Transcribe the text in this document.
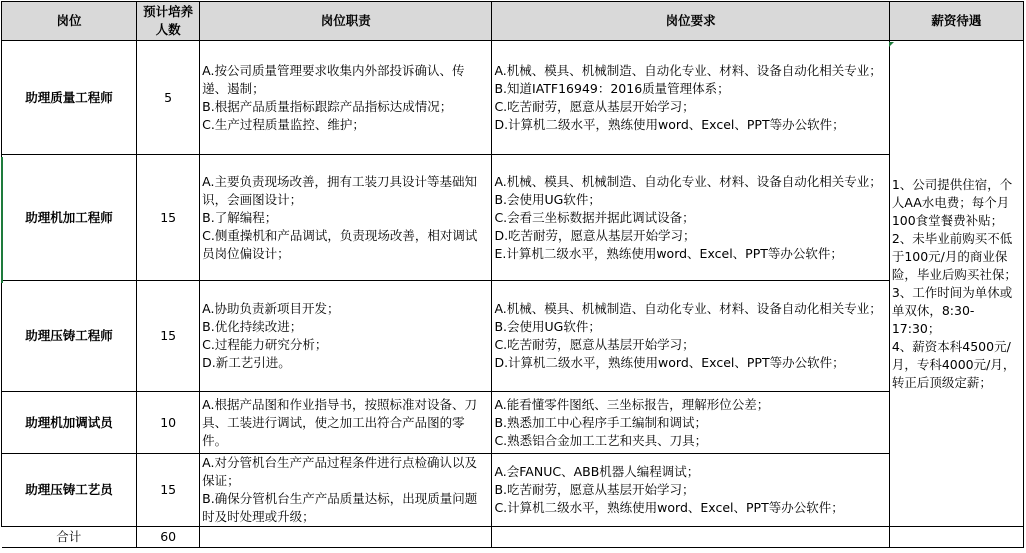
岗位	预计培养人数	岗位职责	岗位要求	薪资待遇
助理质量工程师	5	A.按公司质量管理要求收集内外部投诉确认、传递、遏制；
B.根据产品质量指标跟踪产品指标达成情况；
C.生产过程质量监控、维护；	A.机械、模具、机械制造、自动化专业、材料、设备自动化相关专业；
B.知道IATF16949：2016质量管理体系；
C.吃苦耐劳，愿意从基层开始学习；
D.计算机二级水平，熟练使用word、Excel、PPT等办公软件；	1、公司提供住宿，个人AA水电费；每个月100食堂餐费补贴；
2、未毕业前购买不低于100元/月的商业保险，毕业后购买社保；
3、工作时间为单休或单双休，8:30-17:30；
4、薪资本科4500元/月，专科4000元/月，转正后顶级定薪；

助理机加工程师	15	A.主要负责现场改善，拥有工装刀具设计等基础知识，会画图设计；
B.了解编程；
C.侧重操机和产品调试，负责现场改善，相对调试员岗位偏设计；	A.机械、模具、机械制造、自动化专业、材料、设备自动化相关专业；
B.会使用UG软件；
C.会看三坐标数据并据此调试设备；
D.吃苦耐劳，愿意从基层开始学习；
E.计算机二级水平，熟练使用word、Excel、PPT等办公软件；	

助理压铸工程师	15	A.协助负责新项目开发；
B.优化持续改进；
C.过程能力研究分析；
D.新工艺引进。	A.机械、模具、机械制造、自动化专业、材料、设备自动化相关专业；
B.会使用UG软件；
C.吃苦耐劳，愿意从基层开始学习；
D.计算机二级水平，熟练使用word、Excel、PPT等办公软件；	

助理机加调试员	10	A.根据产品图和作业指导书，按照标准对设备、刀具、工装进行调试，使之加工出符合产品图的零件。	A.能看懂零件图纸、三坐标报告，理解形位公差；
B.熟悉加工中心程序手工编制和调试；
C.熟悉铝合金加工工艺和夹具、刀具；	

助理压铸工艺员	15	A.对分管机台生产产品过程条件进行点检确认以及保证；
B.确保分管机台生产产品质量达标，出现质量问题时及时处理或升级；	A.会FANUC、ABB机器人编程调试；
B.吃苦耐劳，愿意从基层开始学习；
C.计算机二级水平，熟练使用word、Excel、PPT等办公软件；	

合计	60			
